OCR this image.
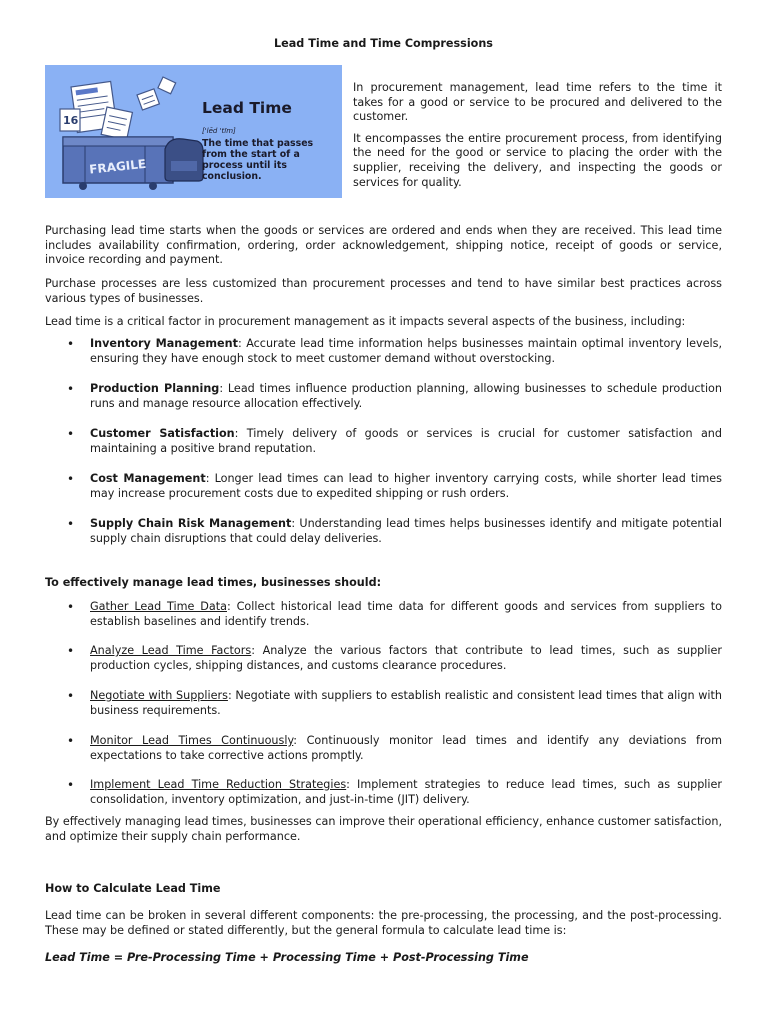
Lead Time and Time Compressions
16
FRAGILE
Lead Time
['lēd 'tīm]
The time that passes from the start of a process until its conclusion.

In procurement management, lead time refers to the time it takes for a good or service to be procured and delivered to the customer.

It encompasses the entire procurement process, from identifying the need for the good or service to placing the order with the supplier, receiving the delivery, and inspecting the goods or services for quality.

Purchasing lead time starts when the goods or services are ordered and ends when they are received. This lead time includes availability confirmation, ordering, order acknowledgement, shipping notice, receipt of goods or service, invoice recording and payment.

Purchase processes are less customized than procurement processes and tend to have similar best practices across various types of businesses.

Lead time is a critical factor in procurement management as it impacts several aspects of the business, including:

• Inventory Management: Accurate lead time information helps businesses maintain optimal inventory levels, ensuring they have enough stock to meet customer demand without overstocking.
• Production Planning: Lead times influence production planning, allowing businesses to schedule production runs and manage resource allocation effectively.
• Customer Satisfaction: Timely delivery of goods or services is crucial for customer satisfaction and maintaining a positive brand reputation.
• Cost Management: Longer lead times can lead to higher inventory carrying costs, while shorter lead times may increase procurement costs due to expedited shipping or rush orders.
• Supply Chain Risk Management: Understanding lead times helps businesses identify and mitigate potential supply chain disruptions that could delay deliveries.
To effectively manage lead times, businesses should:
• Gather Lead Time Data: Collect historical lead time data for different goods and services from suppliers to establish baselines and identify trends.
• Analyze Lead Time Factors: Analyze the various factors that contribute to lead times, such as supplier production cycles, shipping distances, and customs clearance procedures.
• Negotiate with Suppliers: Negotiate with suppliers to establish realistic and consistent lead times that align with business requirements.
• Monitor Lead Times Continuously: Continuously monitor lead times and identify any deviations from expectations to take corrective actions promptly.
• Implement Lead Time Reduction Strategies: Implement strategies to reduce lead times, such as supplier consolidation, inventory optimization, and just-in-time (JIT) delivery.
By effectively managing lead times, businesses can improve their operational efficiency, enhance customer satisfaction, and optimize their supply chain performance.
How to Calculate Lead Time
Lead time can be broken in several different components: the pre-processing, the processing, and the post-processing. These may be defined or stated differently, but the general formula to calculate lead time is:
Lead Time = Pre-Processing Time + Processing Time + Post-Processing Time
